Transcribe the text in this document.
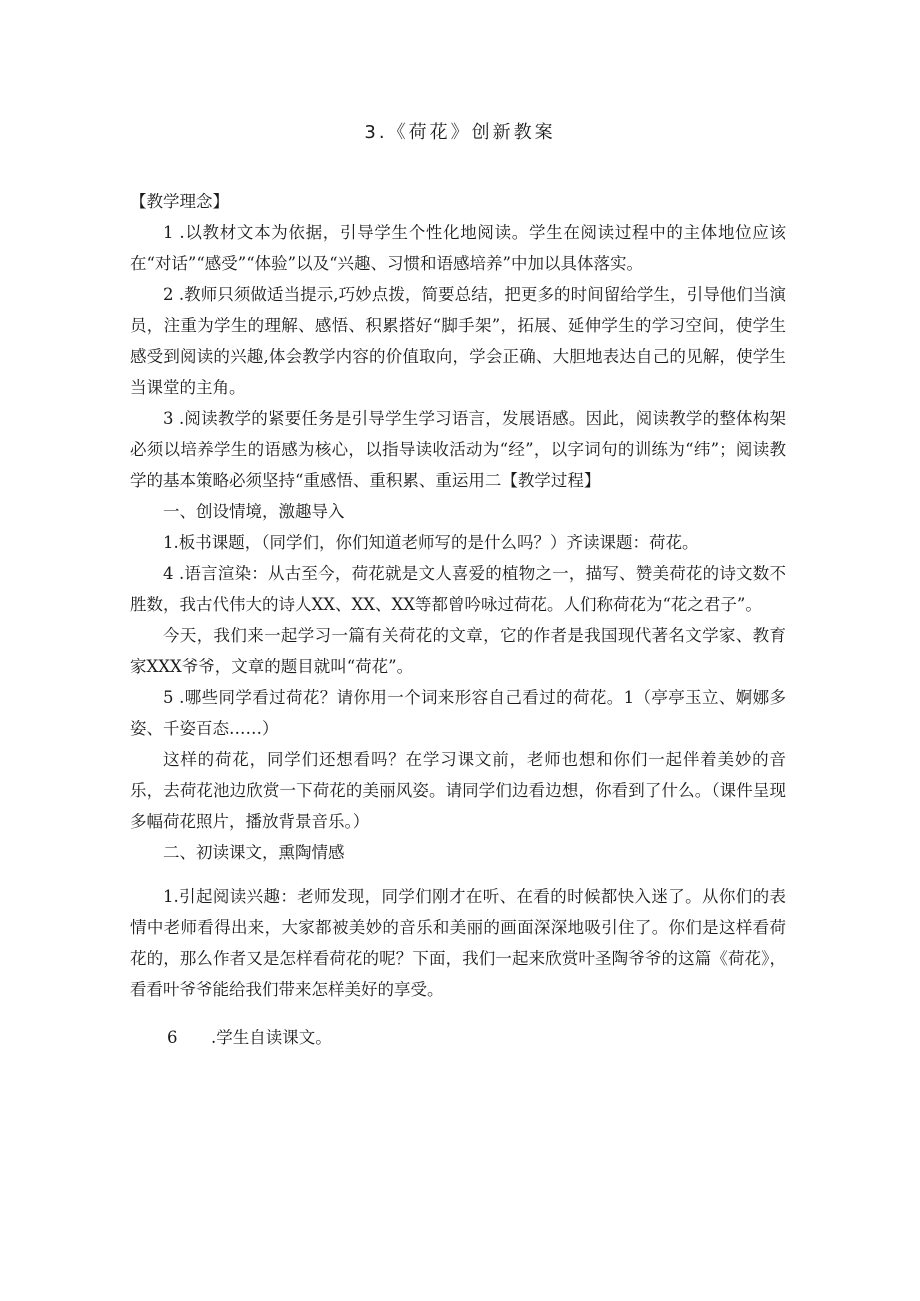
3.《荷花》创新教案

【教学理念】

1 .以教材文本为依据，引导学生个性化地阅读。学生在阅读过程中的主体地位应该在“对话”“感受”“体验”以及“兴趣、习惯和语感培养”中加以具体落实。

2 .教师只须做适当提示,巧妙点拨，简要总结，把更多的时间留给学生，引导他们当演员，注重为学生的理解、感悟、积累搭好“脚手架”，拓展、延伸学生的学习空间，使学生感受到阅读的兴趣,体会教学内容的价值取向，学会正确、大胆地表达自己的见解，使学生当课堂的主角。

3 .阅读教学的紧要任务是引导学生学习语言，发展语感。因此，阅读教学的整体构架必须以培养学生的语感为核心，以指导读收活动为“经”，以字词句的训练为“纬”；阅读教学的基本策略必须坚持“重感悟、重积累、重运用二【教学过程】

一、创设情境，激趣导入

1.板书课题，（同学们，你们知道老师写的是什么吗？）齐读课题：荷花。

4 .语言渲染：从古至今，荷花就是文人喜爱的植物之一，描写、赞美荷花的诗文数不胜数，我古代伟大的诗人XX、XX、XX等都曾吟咏过荷花。人们称荷花为“花之君子”。

今天，我们来一起学习一篇有关荷花的文章，它的作者是我国现代著名文学家、教育家XXX爷爷，文章的题目就叫“荷花”。

5 .哪些同学看过荷花？请你用一个词来形容自己看过的荷花。1（亭亭玉立、婀娜多姿、千姿百态……）

这样的荷花，同学们还想看吗？在学习课文前，老师也想和你们一起伴着美妙的音乐，去荷花池边欣赏一下荷花的美丽风姿。请同学们边看边想，你看到了什么。（课件呈现多幅荷花照片，播放背景音乐。）

二、初读课文，熏陶情感

1.引起阅读兴趣：老师发现，同学们刚才在听、在看的时候都快入迷了。从你们的表情中老师看得出来，大家都被美妙的音乐和美丽的画面深深地吸引住了。你们是这样看荷花的，那么作者又是怎样看荷花的呢？下面，我们一起来欣赏叶圣陶爷爷的这篇《荷花》，看看叶爷爷能给我们带来怎样美好的享受。

6 .学生自读课文。
